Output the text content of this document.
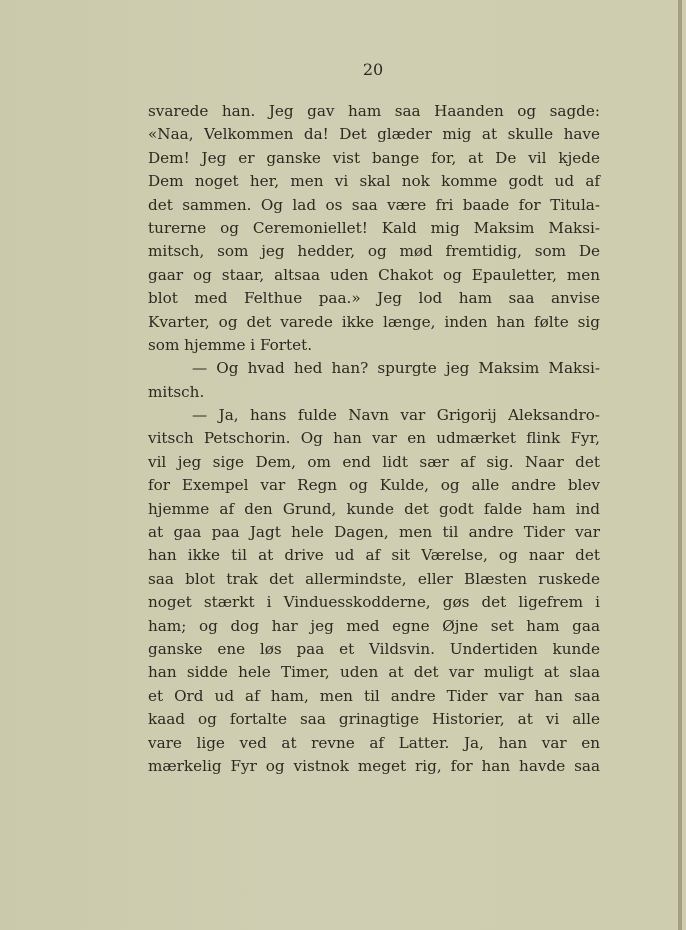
20
svarede han. Jeg gav ham saa Haanden og sagde:
«Naa, Velkommen da! Det glæder mig at skulle have
Dem! Jeg er ganske vist bange for, at De vil kjede
Dem noget her, men vi skal nok komme godt ud af
det sammen. Og lad os saa være fri baade for Titula-
turerne og Ceremoniellet! Kald mig Maksim Maksi-
mitsch, som jeg hedder, og mød fremtidig, som De
gaar og staar, altsaa uden Chakot og Epauletter, men
blot med Felthue paa.» Jeg lod ham saa anvise
Kvarter, og det varede ikke længe, inden han følte sig
som hjemme i Fortet.
— Og hvad hed han? spurgte jeg Maksim Maksi-
mitsch.
— Ja, hans fulde Navn var Grigorij Aleksandro-
vitsch Petschorin. Og han var en udmærket flink Fyr,
vil jeg sige Dem, om end lidt sær af sig. Naar det
for Exempel var Regn og Kulde, og alle andre blev
hjemme af den Grund, kunde det godt falde ham ind
at gaa paa Jagt hele Dagen, men til andre Tider var
han ikke til at drive ud af sit Værelse, og naar det
saa blot trak det allermindste, eller Blæsten ruskede
noget stærkt i Vinduesskodderne, gøs det ligefrem i
ham; og dog har jeg med egne Øjne set ham gaa
ganske ene løs paa et Vildsvin. Undertiden kunde
han sidde hele Timer, uden at det var muligt at slaa
et Ord ud af ham, men til andre Tider var han saa
kaad og fortalte saa grinagtige Historier, at vi alle
vare lige ved at revne af Latter. Ja, han var en
mærkelig Fyr og vistnok meget rig, for han havde saa
